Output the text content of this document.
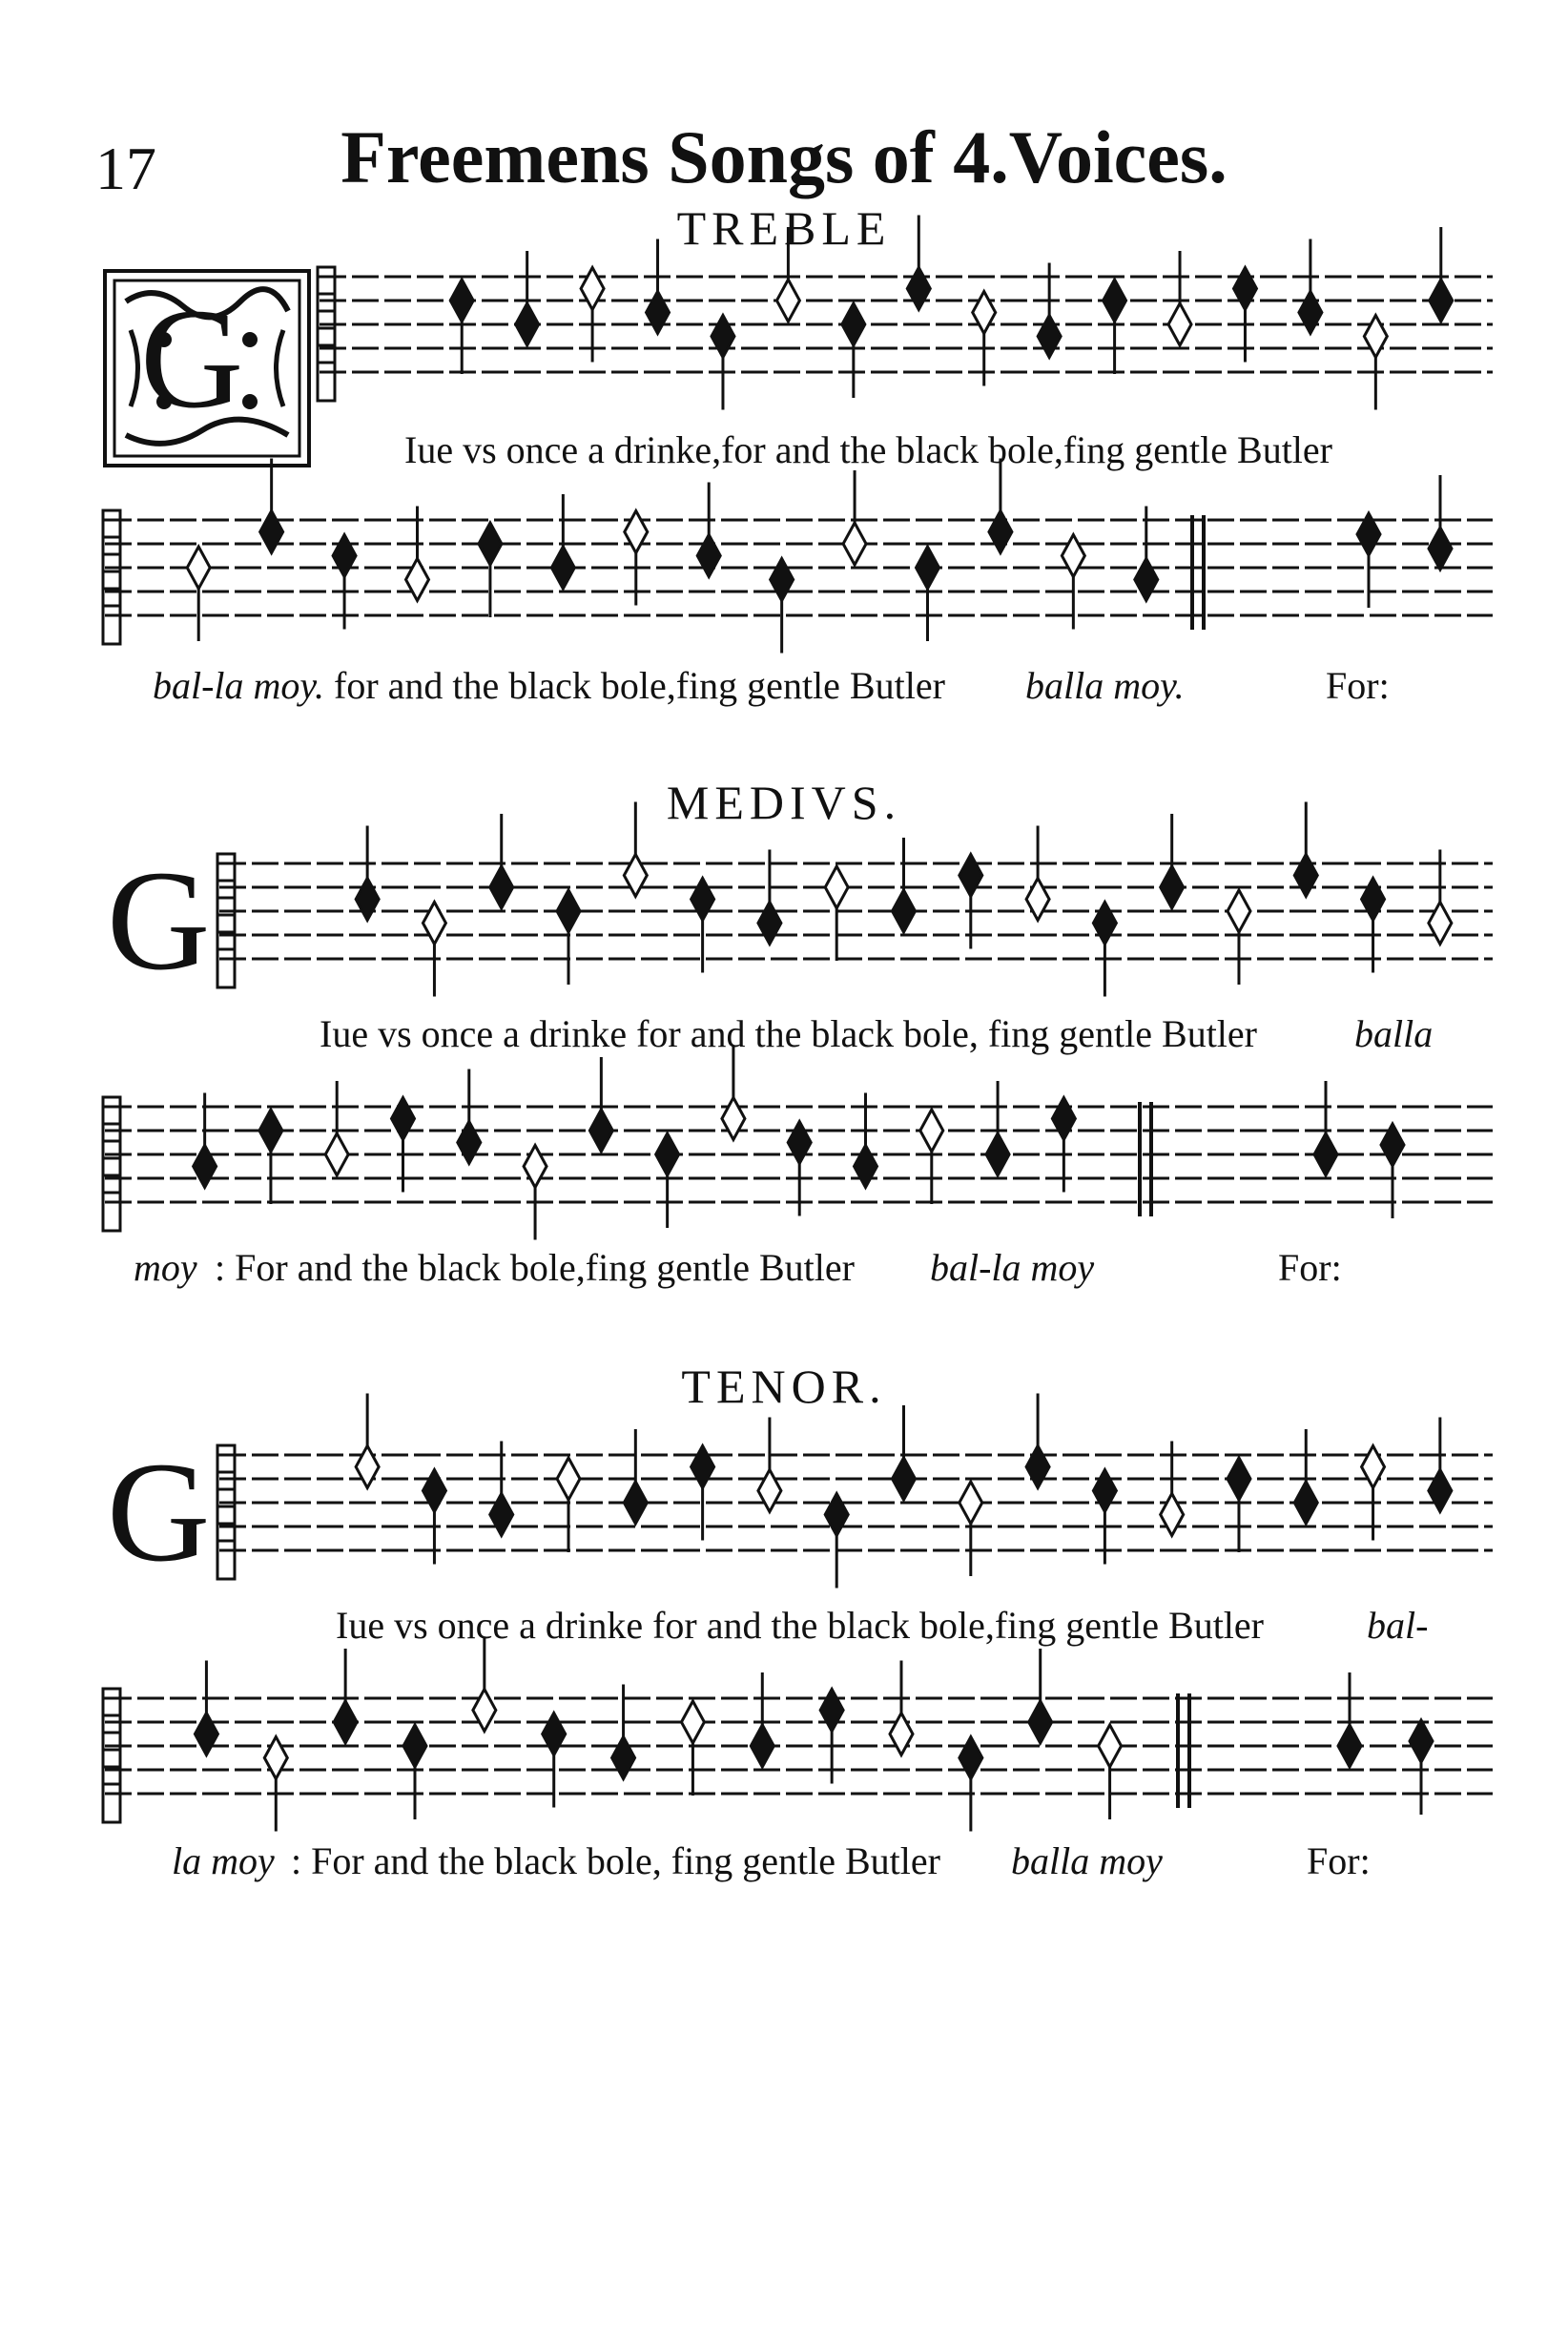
17	Freemens Songs of 4.Voices.
TREBLE
G
Iue vs once a drinke,for and the black bole,fing gentle Butler
bal-la moy. for and the black bole,fing gentle Butler balla moy.	For:
MEDIVS.
G
Iue vs once a drinke for and the black bole, fing gentle Butler	balla
moy : For and the black bole,fing gentle Butler bal-la moy	For:
TENOR.
G
Iue vs once a drinke for and the black bole,fing gentle Butler	bal-
la moy : For and the black bole, fing gentle Butler balla moy	For:
